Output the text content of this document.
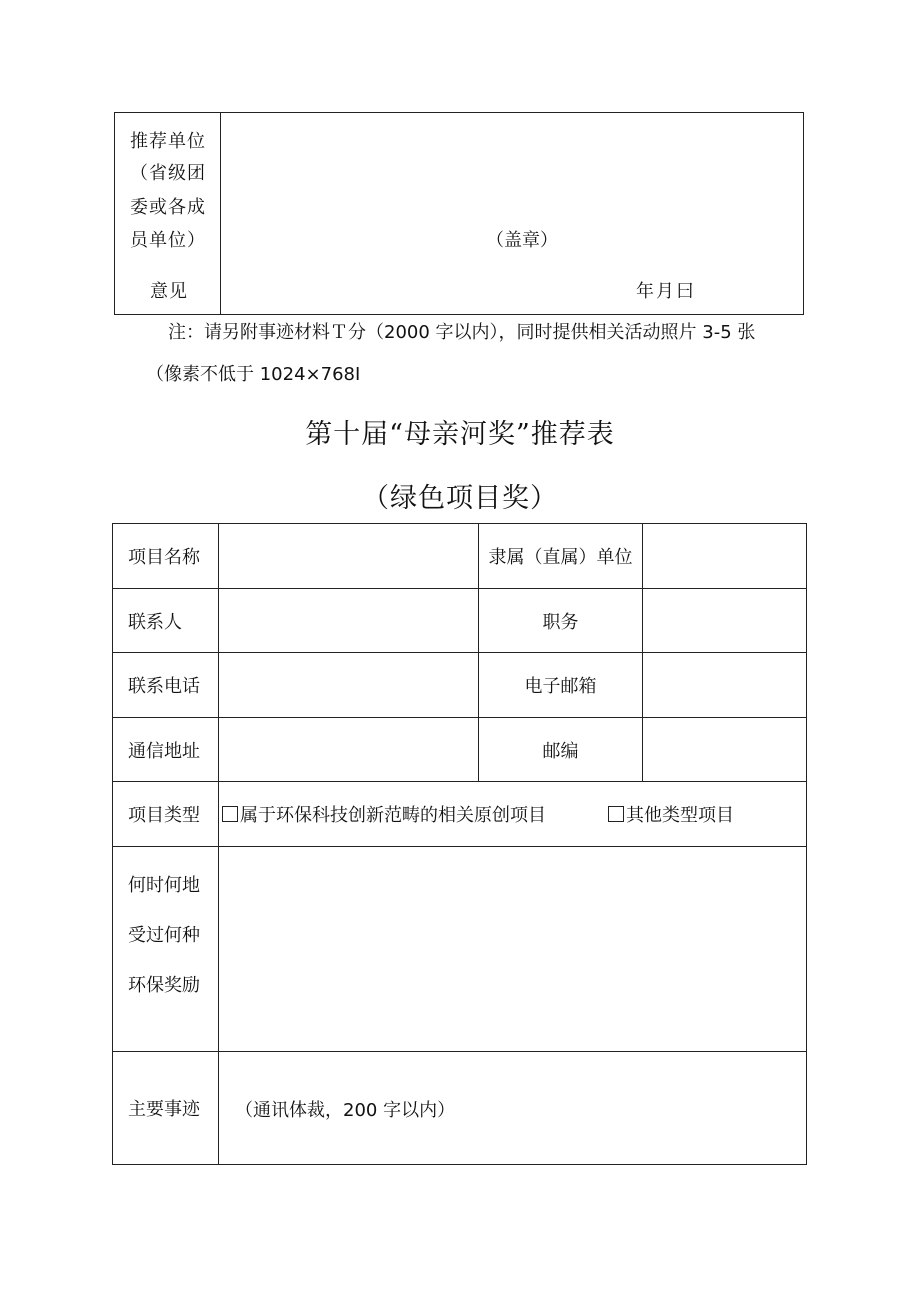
推荐单位
（省级团
委或各成
员单位）
意见
（盖章）
年月曰
注：请另附事迹材料Ｔ分（2000 字以内），同时提供相关活动照片 3-5 张
（像素不低于 1024×768I
第十届“母亲河奖”推荐表
（绿色项目奖）
项目名称		隶属（直属）单位	
联系人		职务	
联系电话		电子邮箱	
通信地址		邮编	
项目类型	属于环保科技创新范畴的相关原创项目 其他类型项目		

何时何地
受过何种
环保奖励			

主要事迹	（通讯体裁，200 字以内）		
